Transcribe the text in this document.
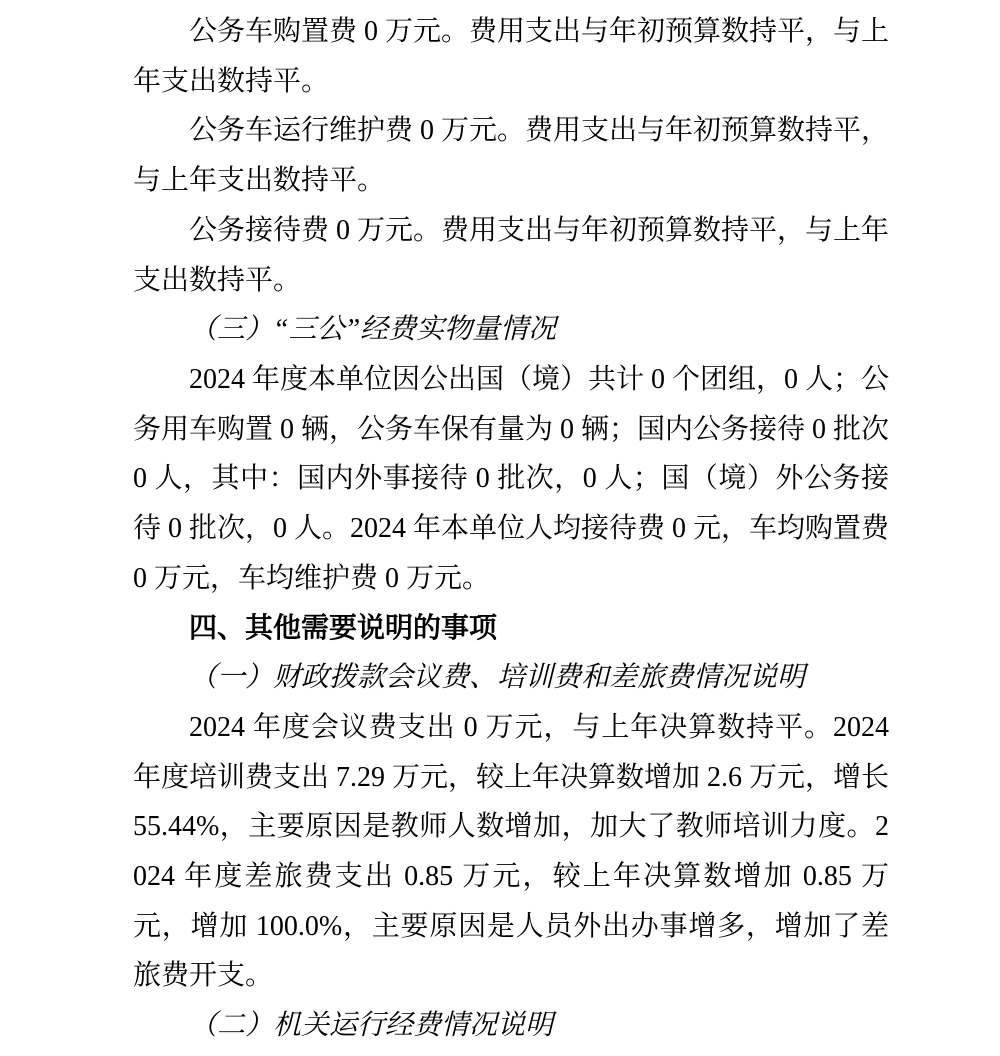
公务车购置费 0 万元。费用支出与年初预算数持平，与上年支出数持平。

公务车运行维护费 0 万元。费用支出与年初预算数持平，与上年支出数持平。

公务接待费 0 万元。费用支出与年初预算数持平，与上年支出数持平。

（三）“三公”经费实物量情况

2024 年度本单位因公出国（境）共计 0 个团组，0 人；公务用车购置 0 辆，公务车保有量为 0 辆；国内公务接待 0 批次 0 人，其中：国内外事接待 0 批次，0 人；国（境）外公务接待 0 批次，0 人。2024 年本单位人均接待费 0 元，车均购置费 0 万元，车均维护费 0 万元。

四、其他需要说明的事项

（一）财政拨款会议费、培训费和差旅费情况说明

2024 年度会议费支出 0 万元，与上年决算数持平。2024 年度培训费支出 7.29 万元，较上年决算数增加 2.6 万元，增长 55.44%，主要原因是教师人数增加，加大了教师培训力度。2024 年度差旅费支出 0.85 万元，较上年决算数增加 0.85 万元，增加 100.0%，主要原因是人员外出办事增多，增加了差旅费开支。

（二）机关运行经费情况说明
